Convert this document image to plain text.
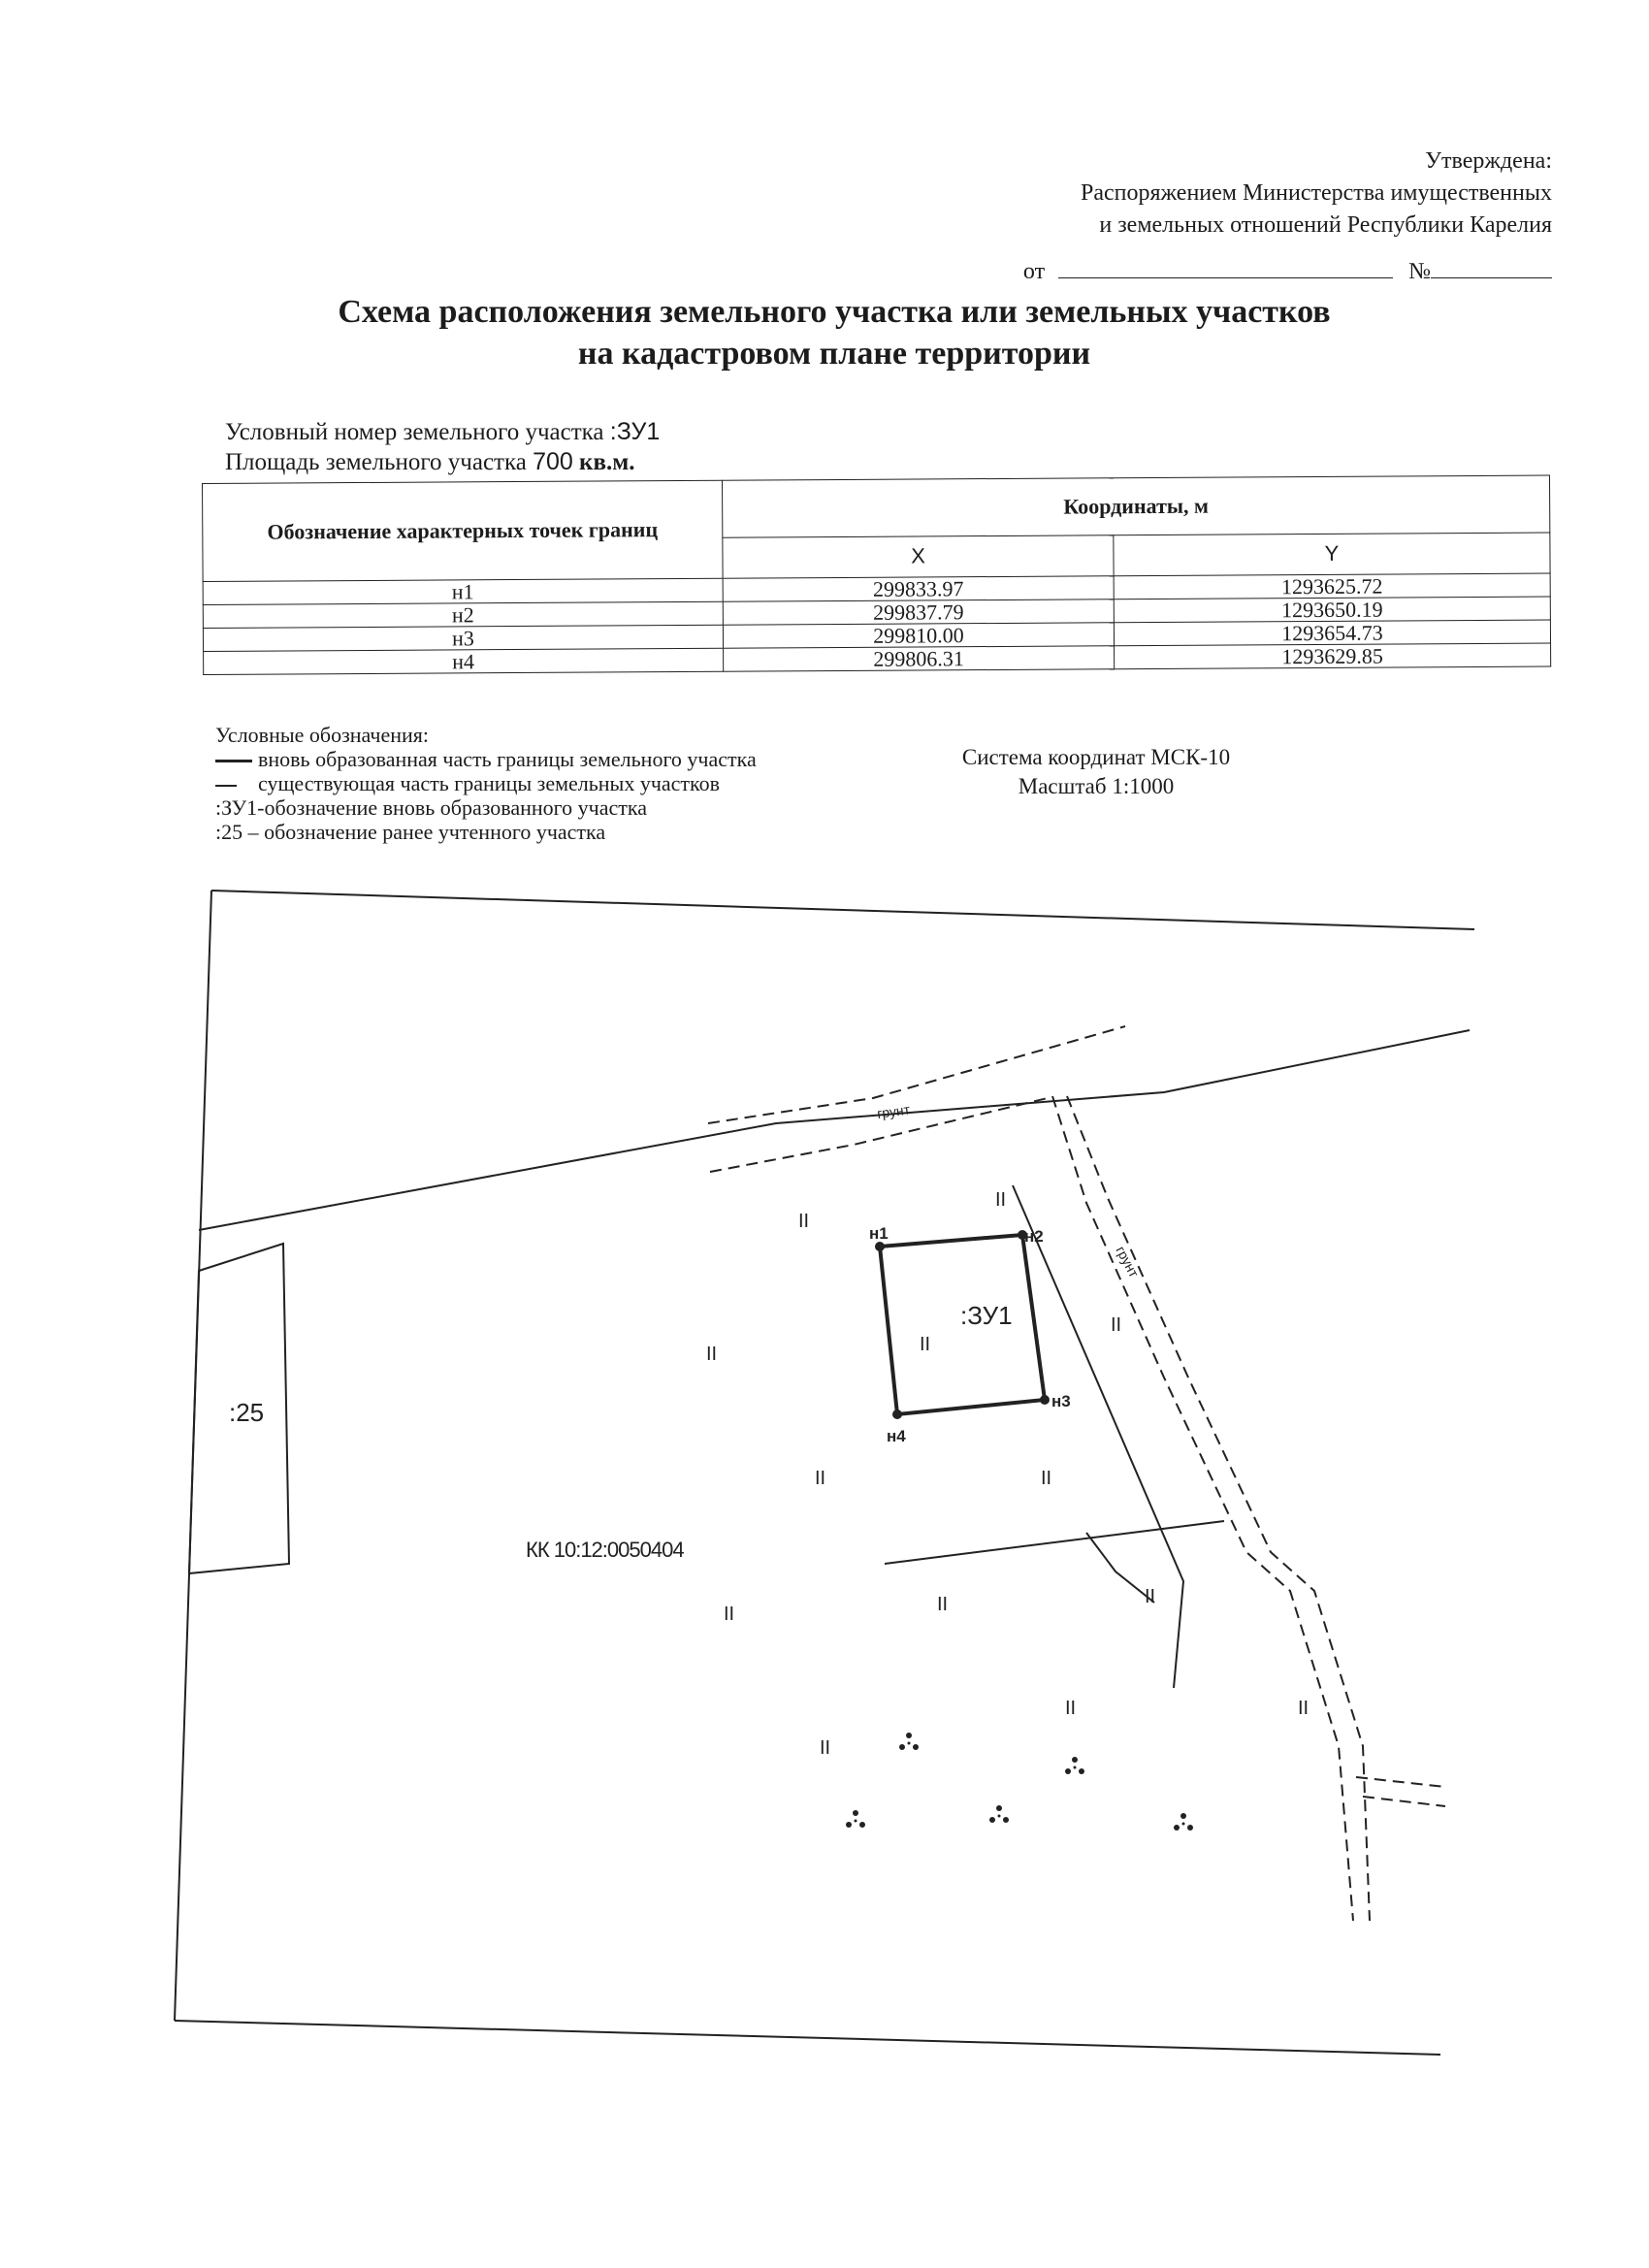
Утверждена:
Распоряжением Министерства имущественных
и земельных отношений Республики Карелия
от	№
Схема расположения земельного участка или земельных участков
на кадастровом плане территории
Условный номер земельного участка :ЗУ1
Площадь земельного участка 700 кв.м.
Обозначение характерных точек границ	Координаты, м	
	X	Y
н1	299833.97	1293625.72
н2	299837.79	1293650.19
н3	299810.00	1293654.73
н4	299806.31	1293629.85
Условные обозначения:
вновь образованная часть границы земельного участка
существующая часть границы земельных участков
:ЗУ1-обозначение вновь образованного участка
:25 – обозначение ранее учтенного участка
Система координат МСК-10
Масштаб 1:1000
н1	н2
н3
н4
:ЗУ1
:25
КК 10:12:0050404
грунт
грунт
II
II
II	II
II
II	II
II	II	II
II
II
II
